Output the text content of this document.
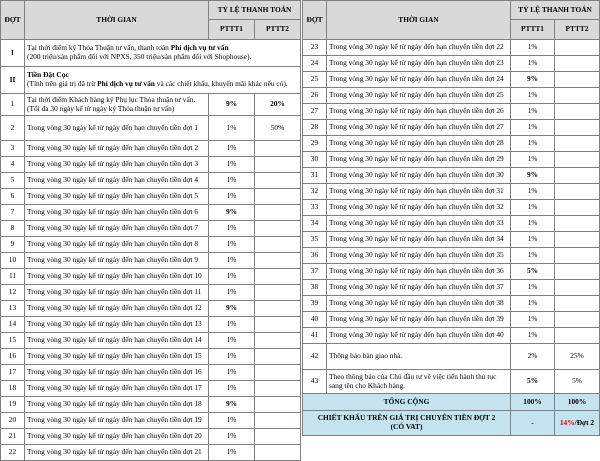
ĐỢT	THỜI GIAN	TỶ LỆ THANH TOÁN	
		PTTT1	PTTT2
I	Tại thời điểm ký Thỏa Thuận tư vấn, thanh toán Phí dịch vụ tư vấn
(200 triệu/sản phẩm đối với NPXS, 350 triệu/sản phẩm đối với Shophouse).		

II	Tiền Đặt Cọc
(Tính trên giá trị đã trừ Phí dịch vụ tư vấn và các chiết khấu, khuyến mãi khác nếu có).		

1	Tại thời điểm Khách hàng ký Phụ lục Thỏa thuận tư vấn.
(Tối đa 30 ngày kể từ ngày ký Thỏa thuận tư vấn)	9%	20%
2	Trong vòng 30 ngày kể từ ngày đến hạn chuyển tiền đợt 1	1%	50%
3	Trong vòng 30 ngày kể từ ngày đến hạn chuyển tiền đợt 2	1%	
4	Trong vòng 30 ngày kể từ ngày đến hạn chuyển tiền đợt 3	1%	
5	Trong vòng 30 ngày kể từ ngày đến hạn chuyển tiền đợt 4	1%	
6	Trong vòng 30 ngày kể từ ngày đến hạn chuyển tiền đợt 5	1%	
7	Trong vòng 30 ngày kể từ ngày đến hạn chuyển tiền đợt 6	9%	
8	Trong vòng 30 ngày kể từ ngày đến hạn chuyển tiền đợt 7	1%	
9	Trong vòng 30 ngày kể từ ngày đến hạn chuyển tiền đợt 8	1%	
10	Trong vòng 30 ngày kể từ ngày đến hạn chuyển tiền đợt 9	1%	
11	Trong vòng 30 ngày kể từ ngày đến hạn chuyển tiền đợt 10	1%	
12	Trong vòng 30 ngày kể từ ngày đến hạn chuyển tiền đợt 11	1%	
13	Trong vòng 30 ngày kể từ ngày đến hạn chuyển tiền đợt 12	9%	
14	Trong vòng 30 ngày kể từ ngày đến hạn chuyển tiền đợt 13	1%	
15	Trong vòng 30 ngày kể từ ngày đến hạn chuyển tiền đợt 14	1%	
16	Trong vòng 30 ngày kể từ ngày đến hạn chuyển tiền đợt 15	1%	
17	Trong vòng 30 ngày kể từ ngày đến hạn chuyển tiền đợt 16	1%	
18	Trong vòng 30 ngày kể từ ngày đến hạn chuyển tiền đợt 17	1%	
19	Trong vòng 30 ngày kể từ ngày đến hạn chuyển tiền đợt 18	9%	
20	Trong vòng 30 ngày kể từ ngày đến hạn chuyển tiền đợt 19	1%	
21	Trong vòng 30 ngày kể từ ngày đến hạn chuyển tiền đợt 20	1%	
22	Trong vòng 30 ngày kể từ ngày đến hạn chuyển tiền đợt 21	1%	
ĐỢT	THỜI GIAN	TỶ LỆ THANH TOÁN	
		PTTT1	PTTT2
23	Trong vòng 30 ngày kể từ ngày đến hạn chuyển tiền đợt 22	1%	
24	Trong vòng 30 ngày kể từ ngày đến hạn chuyển tiền đợt 23	1%	
25	Trong vòng 30 ngày kể từ ngày đến hạn chuyển tiền đợt 24	9%	
26	Trong vòng 30 ngày kể từ ngày đến hạn chuyển tiền đợt 25	1%	
27	Trong vòng 30 ngày kể từ ngày đến hạn chuyển tiền đợt 26	1%	
28	Trong vòng 30 ngày kể từ ngày đến hạn chuyển tiền đợt 27	1%	
29	Trong vòng 30 ngày kể từ ngày đến hạn chuyển tiền đợt 28	1%	
30	Trong vòng 30 ngày kể từ ngày đến hạn chuyển tiền đợt 29	1%	
31	Trong vòng 30 ngày kể từ ngày đến hạn chuyển tiền đợt 30	9%	
32	Trong vòng 30 ngày kể từ ngày đến hạn chuyển tiền đợt 31	1%	
33	Trong vòng 30 ngày kể từ ngày đến hạn chuyển tiền đợt 32	1%	
34	Trong vòng 30 ngày kể từ ngày đến hạn chuyển tiền đợt 33	1%	
35	Trong vòng 30 ngày kể từ ngày đến hạn chuyển tiền đợt 34	1%	
36	Trong vòng 30 ngày kể từ ngày đến hạn chuyển tiền đợt 35	1%	
37	Trong vòng 30 ngày kể từ ngày đến hạn chuyển tiền đợt 36	5%	
38	Trong vòng 30 ngày kể từ ngày đến hạn chuyển tiền đợt 37	1%	
39	Trong vòng 30 ngày kể từ ngày đến hạn chuyển tiền đợt 38	1%	
40	Trong vòng 30 ngày kể từ ngày đến hạn chuyển tiền đợt 39	1%	
41	Trong vòng 30 ngày kể từ ngày đến hạn chuyển tiền đợt 40	1%	
42	Thông báo bàn giao nhà.	2%	25%
43	Theo thông báo của Chủ đầu tư về việc tiến hành thủ tục
sang tên cho Khách hàng.	5%	5%
TỔNG CỘNG		100%	100%

CHIẾT KHẤU TRÊN GIÁ TRỊ CHUYÊN TIỀN ĐỢT 2
(CÓ VAT)		-	14%/Đợt 2
